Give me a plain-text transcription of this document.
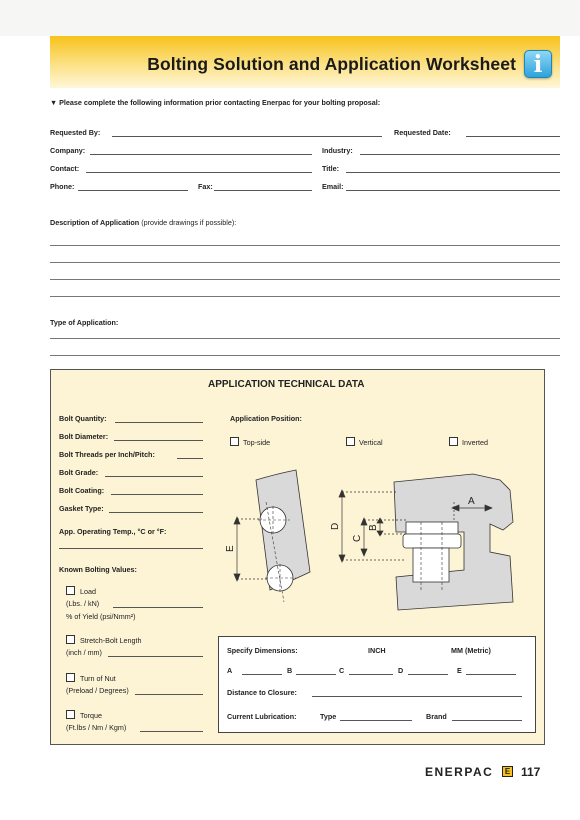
Bolting Solution and Application Worksheet i
▼ Please complete the following information prior contacting Enerpac for your bolting proposal:
Requested By:	Requested Date:
Company:	Industry:
Contact:	Title:
Phone:	Fax:	Email:
Description of Application (provide drawings if possible):
Type of Application:
APPLICATION TECHNICAL DATA
Bolt Quantity:
Bolt Diameter:
Bolt Threads per Inch/Pitch:
Bolt Grade:
Bolt Coating:
Gasket Type:
App. Operating Temp., °C or °F:
Known Bolting Values:
Load
(Lbs. / kN)
% of Yield (psi/Nmm²)
Stretch-Bolt Length
(inch / mm)
Turn of Nut
(Preload / Degrees)
Torque
(Ft.lbs / Nm / Kgm)
Application Position:
Top-side	Vertical	Inverted
E
D
C
B
A
Specify Dimensions:	INCH	MM (Metric)
A	B	C	D	E
Distance to Closure:
Current Lubrication:	Type	Brand
ENERPAC	E 117
